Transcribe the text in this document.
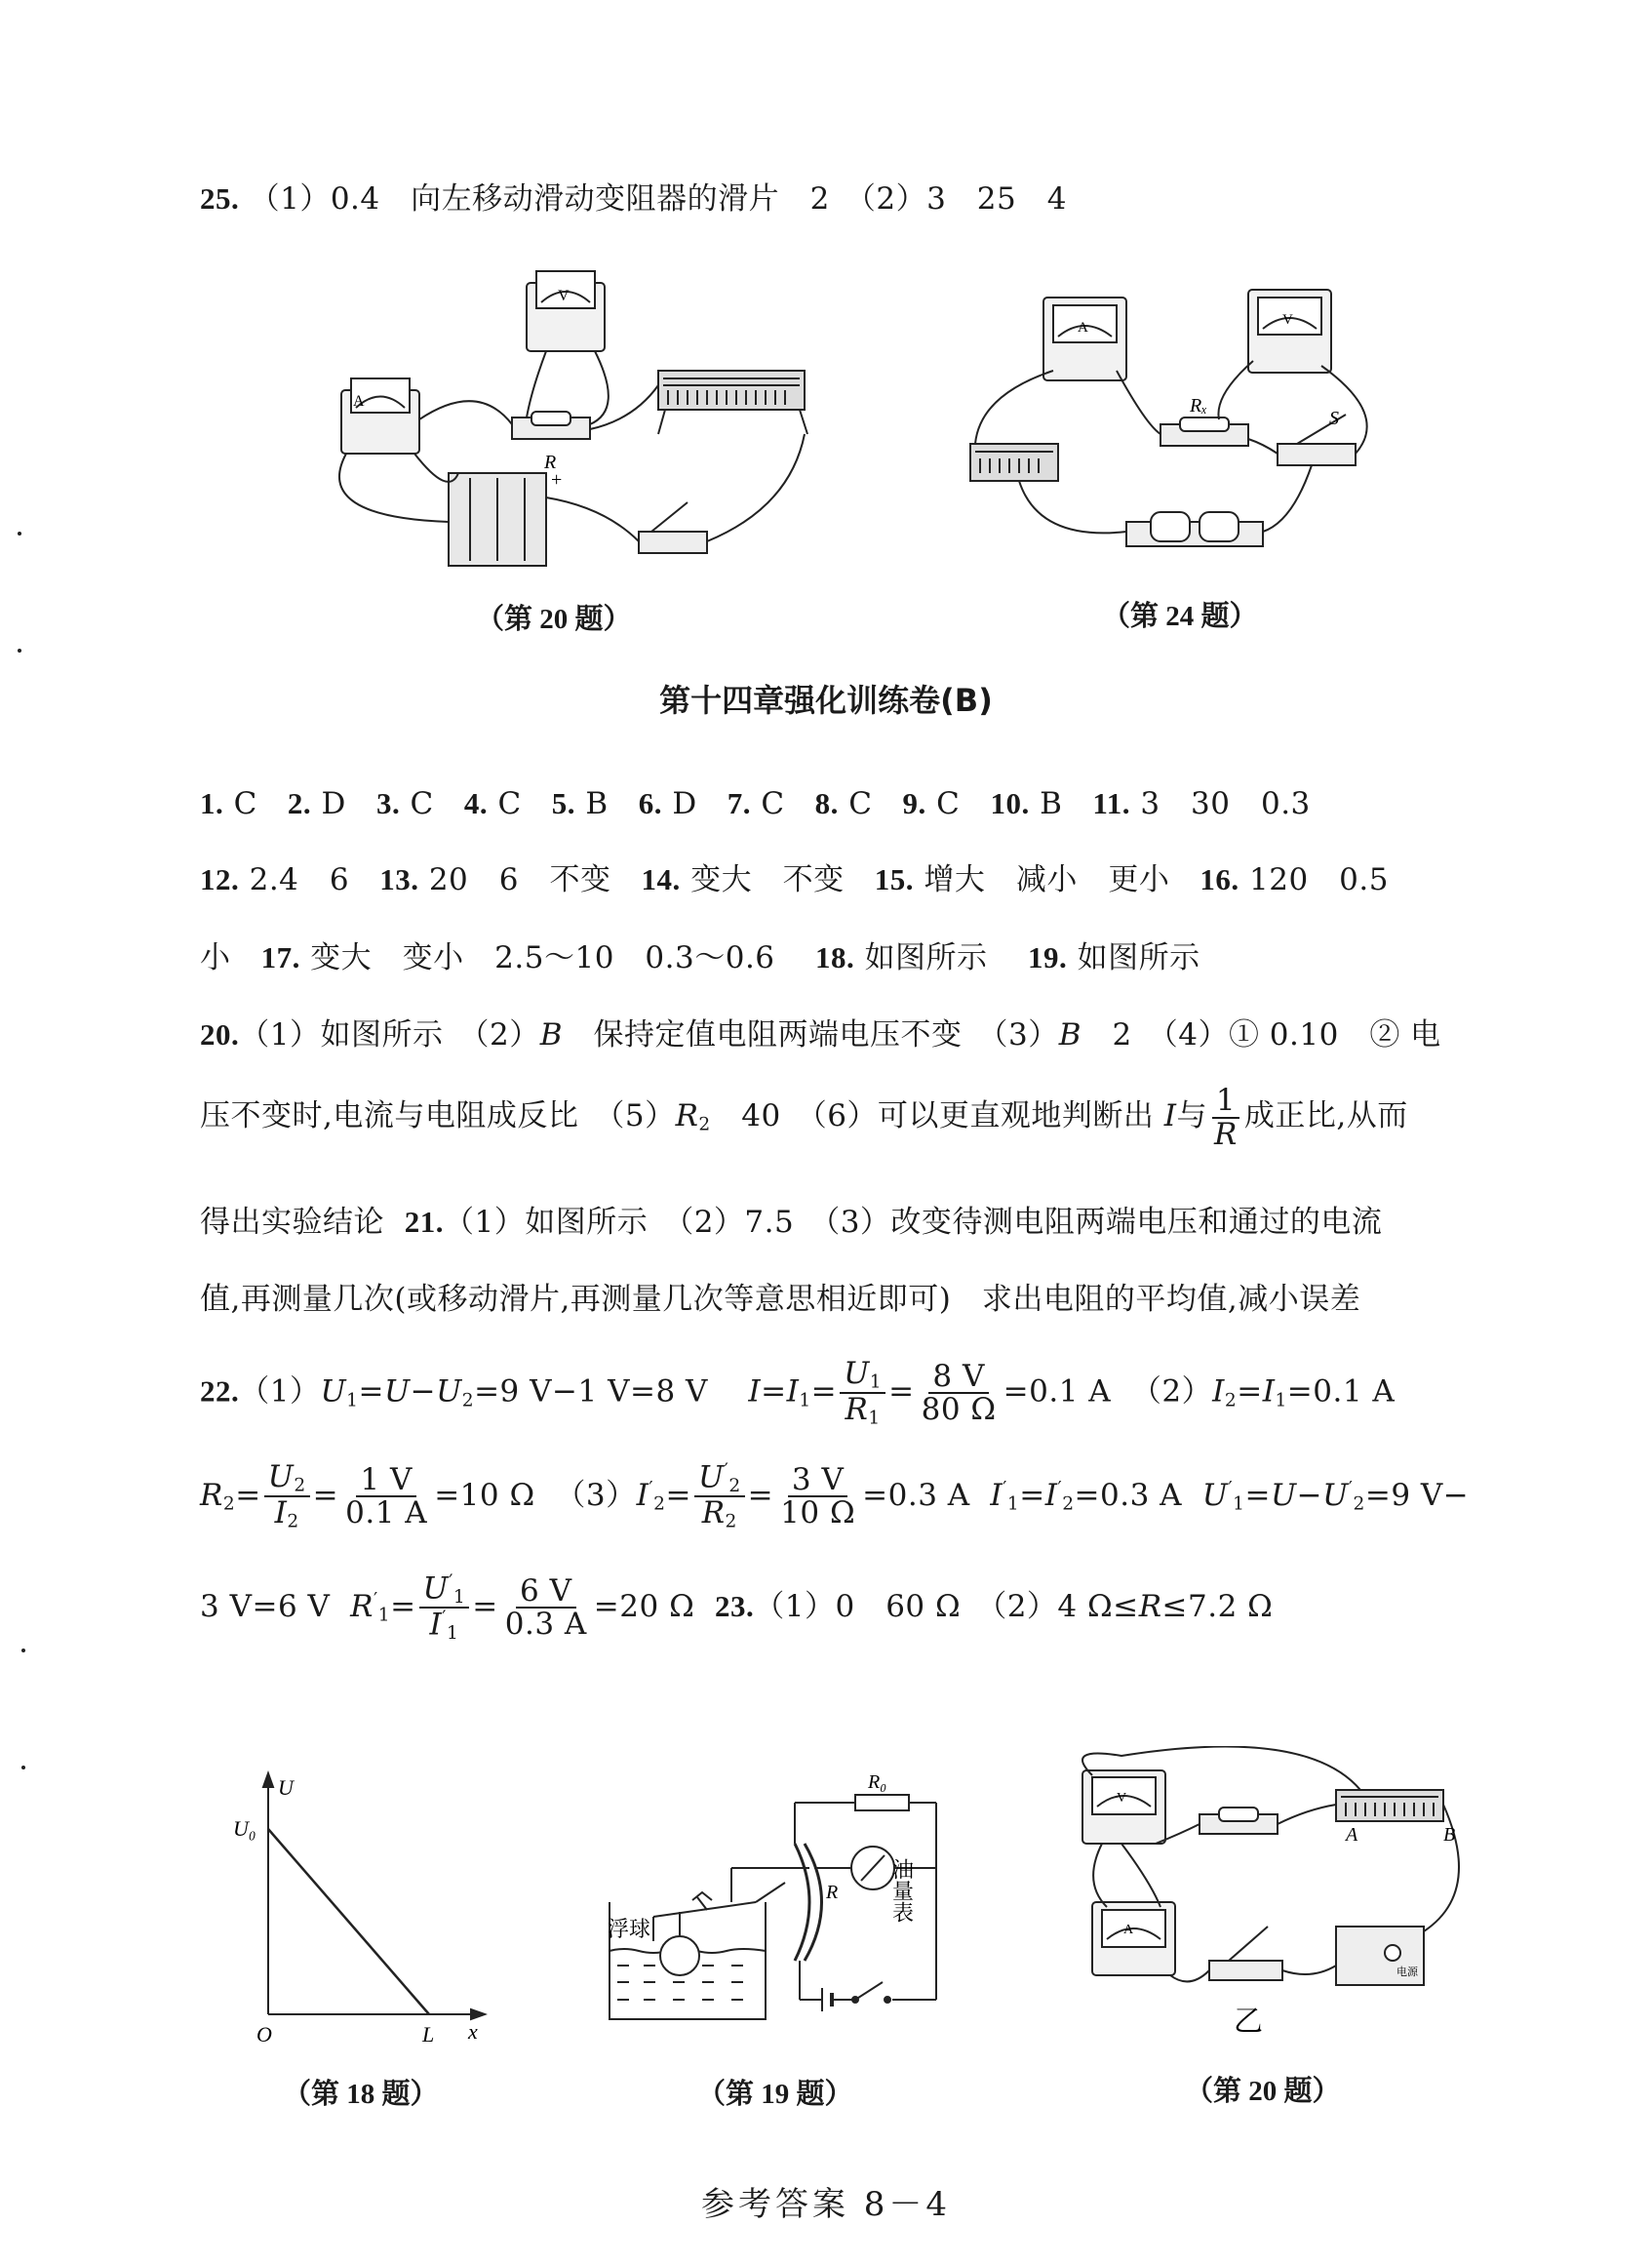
25. （1）0.4　向左移动滑动变阻器的滑片　2　（2）3　25　4
A
V
R
+
（第 20 题）
A	V
Rₓ
S
（第 24 题）
第十四章强化训练卷(B)
1. C 2. D 3. C 4. C 5. B 6. D 7. C 8. C 9. C 10. B 11. 3　30　0.3
12. 2.4　6 13. 20　6　不变 14. 变大　不变 15. 增大　减小　更小 16. 120　0.5
小 17. 变大　变小　2.5～10　0.3～0.6 18. 如图所示 19. 如图所示
20.（1）如图所示　（2）B　保持定值电阻两端电压不变　（3）B　2　（4）① 0.10　② 电
压不变时,电流与电阻成反比　$(5)R_2$　40　（6）可以更直观地判断出 I与 $\frac{1}{R}$ 成正比,从而
得出实验结论 21.（1）如图所示　（2）7.5　（3）改变待测电阻两端电压和通过的电流
值,再测量几次(或移动滑片,再测量几次等意思相近即可)　求出电阻的平均值,减小误差
$22.(1)U_1=U-U_2=9$ V−1 V=8 V $I=I_1= \frac{U_1}{R_1} = \frac{8 V}{80 \Omega} =0.1$ A $(2)I_2=I_1=0.1$ A
$R_2= \frac{U_2}{I_2} = \frac{1 V}{0.1 A} =10$ Ω $(3)I'_2= \frac{U'_2}{R_2} = \frac{3 V}{10 \Omega} =0.3$ A $I'_1=I'_2=0.3$ A $U'_1=U-U'_2=9$ V−
3 V=6 V $R'_1= \frac{U'_1}{I'_1} = \frac{6 V}{0.3 A} =20$ Ω 23.（1）0　60 Ω　（2）4 Ω≤R≤7.2 Ω
U
U₀
O	L x
（第 18 题）
浮球
R₀
R 油量表
（第 19 题）
V
A
A	B
电源
乙
（第 20 题）
参考答案 8－4
